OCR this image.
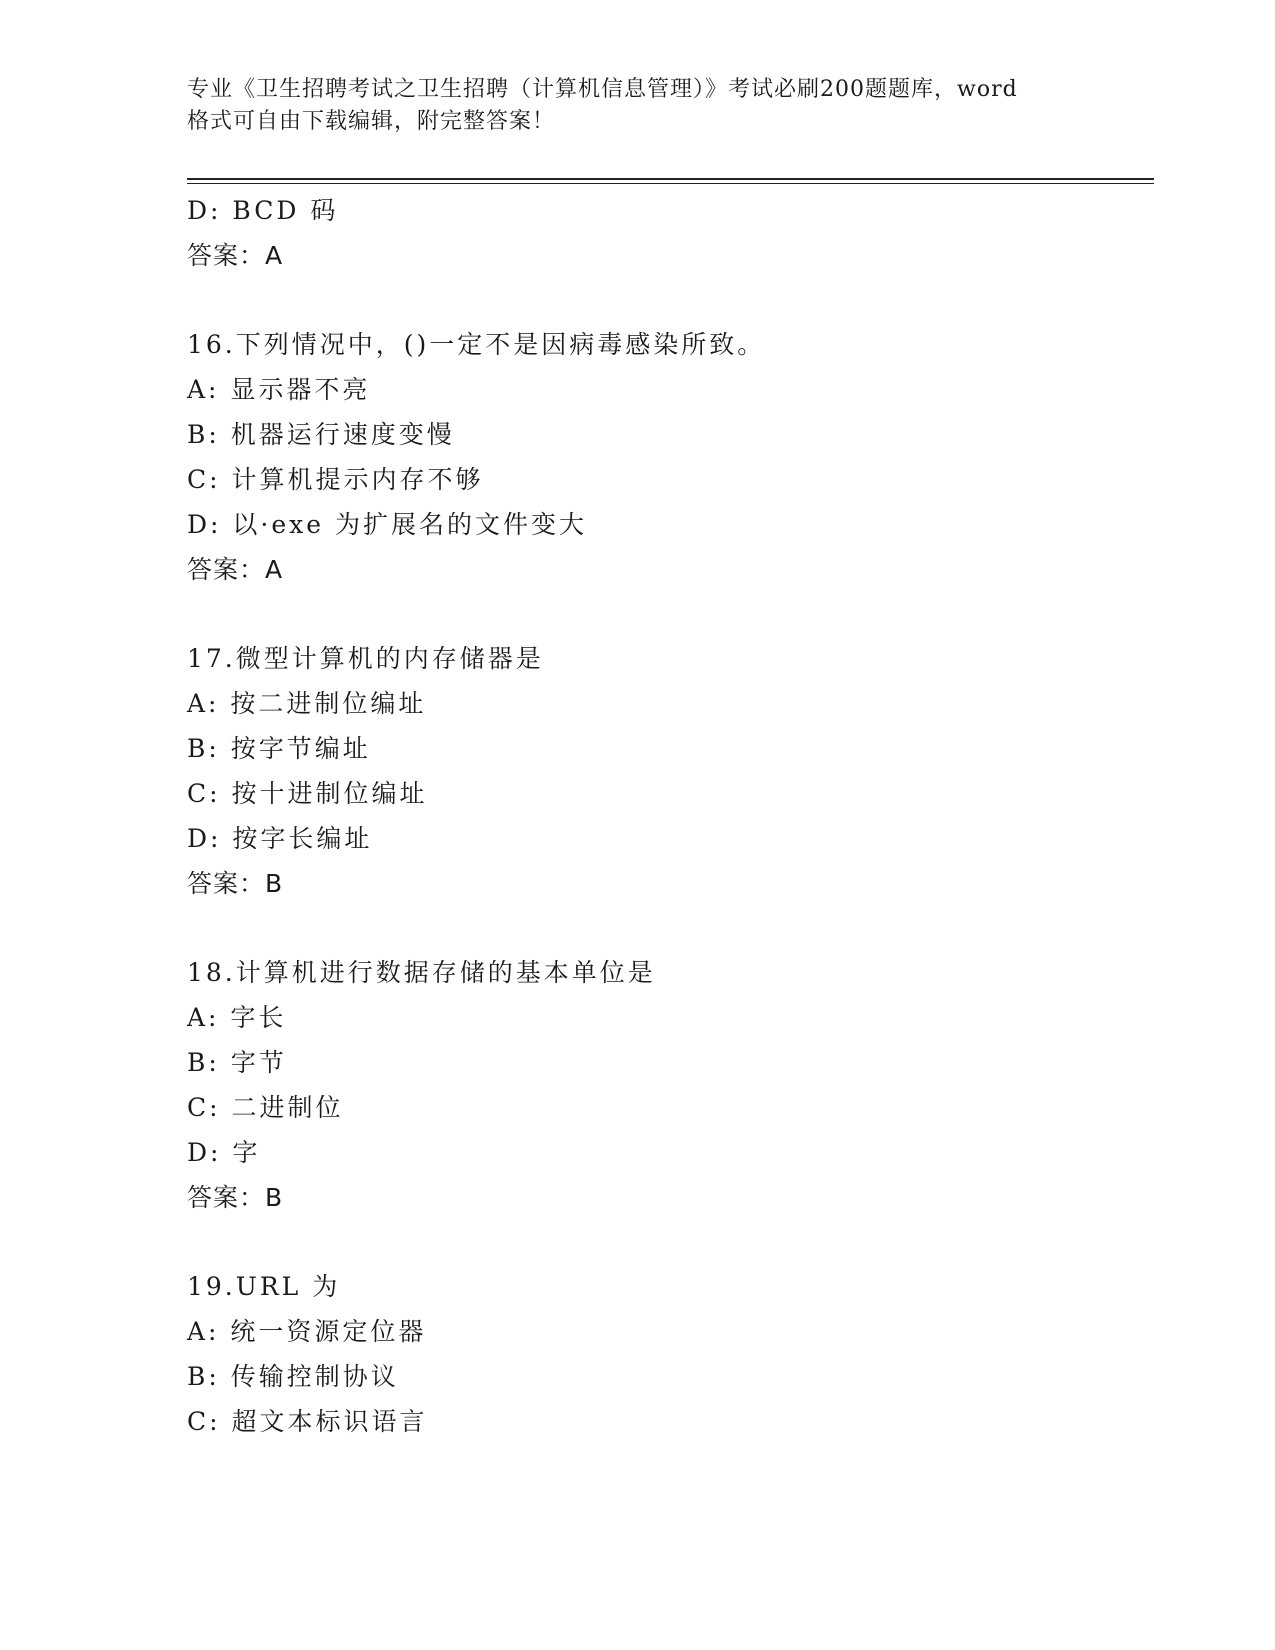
专业《卫生招聘考试之卫生招聘（计算机信息管理）》考试必刷200题题库，word
格式可自由下载编辑，附完整答案！
D: BCD 码
答案：A
16.下列情况中，()一定不是因病毒感染所致。
A: 显示器不亮
B: 机器运行速度变慢
C: 计算机提示内存不够
D: 以·exe 为扩展名的文件变大
答案：A
17.微型计算机的内存储器是
A: 按二进制位编址
B: 按字节编址
C: 按十进制位编址
D: 按字长编址
答案：B
18.计算机进行数据存储的基本单位是
A: 字长
B: 字节
C: 二进制位
D: 字
答案：B
19.URL 为
A: 统一资源定位器
B: 传输控制协议
C: 超文本标识语言
